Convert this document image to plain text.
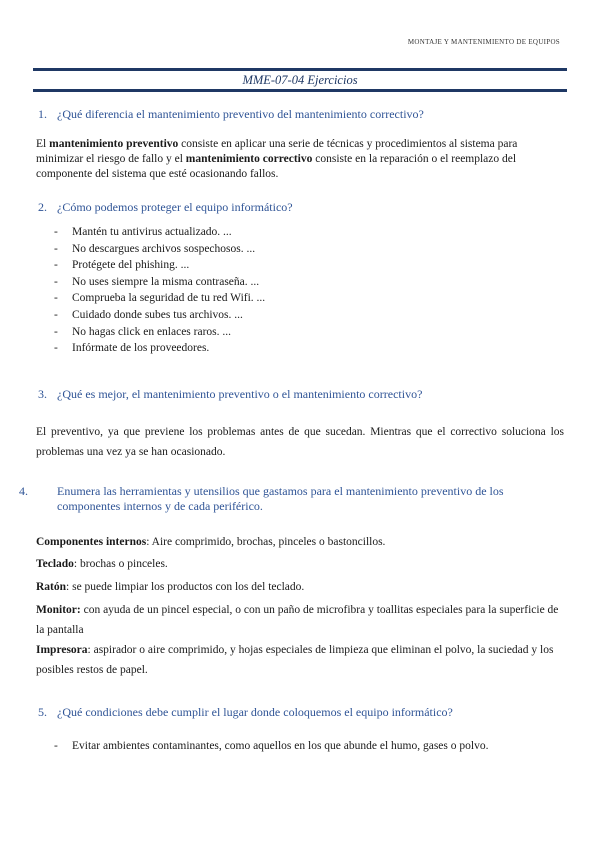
MONTAJE Y MANTENIMIENTO DE EQUIPOS
MME-07-04 Ejercicios
1. ¿Qué diferencia el mantenimiento preventivo del mantenimiento correctivo?
El mantenimiento preventivo consiste en aplicar una serie de técnicas y procedimientos al sistema para minimizar el riesgo de fallo y el mantenimiento correctivo consiste en la reparación o el reemplazo del componente del sistema que esté ocasionando fallos.
2. ¿Cómo podemos proteger el equipo informático?
- Mantén tu antivirus actualizado. ...
- No descargues archivos sospechosos. ...
- Protégete del phishing. ...
- No uses siempre la misma contraseña. ...
- Comprueba la seguridad de tu red Wifi. ...
- Cuidado donde subes tus archivos. ...
- No hagas click en enlaces raros. ...
- Infórmate de los proveedores.
3. ¿Qué es mejor, el mantenimiento preventivo o el mantenimiento correctivo?
El preventivo, ya que previene los problemas antes de que sucedan. Mientras que el correctivo soluciona los problemas una vez ya se han ocasionado.
4. Enumera las herramientas y utensilios que gastamos para el mantenimiento preventivo de los componentes internos y de cada periférico.
Componentes internos: Aire comprimido, brochas, pinceles o bastoncillos.
Teclado: brochas o pinceles.
Ratón: se puede limpiar los productos con los del teclado.
Monitor: con ayuda de un pincel especial, o con un paño de microfibra y toallitas especiales para la superficie de la pantalla
Impresora: aspirador o aire comprimido, y hojas especiales de limpieza que eliminan el polvo, la suciedad y los posibles restos de papel.
5. ¿Qué condiciones debe cumplir el lugar donde coloquemos el equipo informático?
- Evitar ambientes contaminantes, como aquellos en los que abunde el humo, gases o polvo.
